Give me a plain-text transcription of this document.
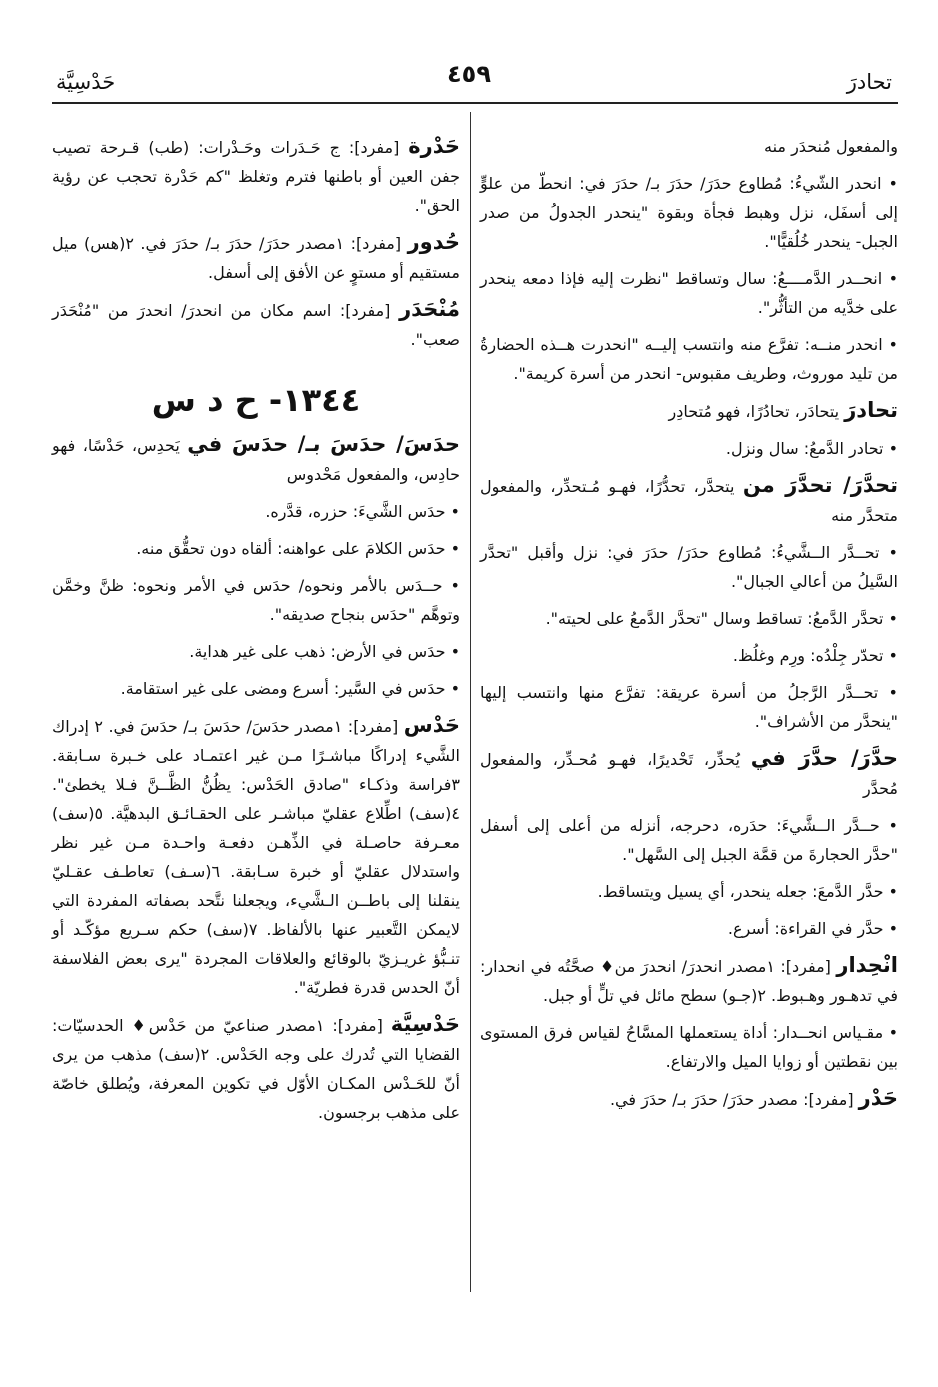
تحادرَ
٤٥٩
حَدْسِيَّة

والمفعول مُنحدَر منه

• انحدر الشّيءُ: مُطاوع حدَرَ/ حدَرَ بـ/ حدَرَ في: انحطّ من علوٍّ إلى أسفَل، نزل وهبط فجأة وبقوة "ينحدر الجدولُ من صدر الجبل- ينحدر خُلُقيًّا".

• انحــدر الدَّمــــعُ: سال وتساقط "نظرت إليه فإذا دمعه ينحدر على خدَّيه من التأثُّر".

• انحدر منــه: تفرَّع منه وانتسب إليــه "انحدرت هــذه الحضارةُ من تليد موروث، وطريف مقبوس- انحدر من أسرة كريمة".

تحادرَ يتحادَر، تحادُرًا، فهو مُتحادِر

• تحادر الدَّمعُ: سال ونزل.

تحدَّرَ/ تحدَّرَ من يتحدَّر، تحدُّرًا، فهـو مُـتحدِّر، والمفعول متحدَّر منه

• تحــدَّر الــشَّيءُ: مُطاوع حدَرَ/ حدَرَ في: نزل وأقبل "تحدَّر السَّيلُ من أعالي الجبال".

• تحدَّر الدَّمعُ: تساقط وسال "تحدَّر الدَّمعُ على لحيته".

• تحدّر جِلْدُه: ورِم وغلُظ.

• تحــدَّر الرَّجلُ من أسرة عريقة: تفرَّع منها وانتسب إليها "ينحدَّر من الأشراف".

حدَّرَ/ حدَّرَ في يُحدِّر، تَحْديرًا، فهـو مُحـدِّر، والمفعول مُحدَّر

• حــدَّر الــشَّيءَ: حدَره، دحرجه، أنزله من أعلى إلى أسفل "حدَّر الحجارةَ من قمَّة الجبل إلى السَّهل".

• حدَّر الدَّمعَ: جعله ينحدر، أي يسيل ويتساقط.

• حدَّر في القراءة: أسرع.

انْحِدار [مفرد]: ١مصدر انحدرَ/ انحدرَ من♦ صحَّتُه في انحدار: في تدهـور وهـبوط. ٢(جـو) سطح مائل في تلٍّ أو جبل.

• مقـياس انحــدار: أداة يستعملها المسَّاحُ لقياس فرق المستوى بين نقطتين أو زوايا الميل والارتفاع.

حَدْر [مفرد]: مصدر حدَرَ/ حدَرَ بـ/ حدَرَ في.

حَدْرة [مفرد]: ج حَـدَرات وحَـدْرات: (طب) قـرحة تصيب جفن العين أو باطنها فترم وتغلظ "كم حَدْرة تحجب عن رؤية الحق".

حُدور [مفرد]: ١مصدر حدَرَ/ حدَرَ بـ/ حدَرَ في. ٢(هس) ميل مستقيم أو مستوٍ عن الأفق إلى أسفل.

مُنْحَدَر [مفرد]: اسم مكان من انحدرَ/ انحدرَ من "مُنْحَدَر صعب".

١٣٤٤- ح د س

حدَسَ/ حدَسَ بـ/ حدَسَ في يَحدِس، حَدْسًا، فهو حادِس، والمفعول مَحْدوس

• حدَس الشَّيءَ: حزره، قدَّره.

• حدَس الكلامَ على عواهنه: ألقاه دون تحقُّق منه.

• حــدَس بالأمر ونحوه/ حدَس في الأمر ونحوه: ظنَّ وخمَّن وتوهَّم "حدَس بنجاح صديقه".

• حدَس في الأرض: ذهب على غير هداية.

• حدَس في السَّير: أسرع ومضى على غير استقامة.

حَدْس [مفرد]: ١مصدر حدَسَ/ حدَسَ بـ/ حدَسَ في. ٢ إدراك الشَّيء إدراكًا مباشـرًا مـن غير اعتمـاد على خـبرة سـابقة. ٣فراسة وذكـاء "صادق الحَدْس: يظُنُّ الظَّــنَّ فـلا يخطئ". ٤(سف) اطِّلاع عقليّ مباشـر على الحقـائـق البدهيَّة. ٥(سف) معـرفة حاصـلة في الذِّهـن دفعـة واحـدة مـن غير نظر واستدلال عقليّ أو خبرة سـابقة. ٦(سـف) تعاطـف عقـليّ ينقلنا إلى باطــن الـشَّيء، ويجعلنا نتَّحد بصفاته المفردة التي لايمكن التَّعبير عنها بالألفاظ. ٧(سف) حكم سـريع مؤكّـد أو تنـبُّؤ غريـزيّ بالوقائع والعلاقات المجردة "يرى بعض الفلاسفة أنّ الحدس قدرة فطريّة".

حَدْسِيَّة [مفرد]: ١مصدر صناعيّ من حَدْس♦ الحدسيّات: القضايا التي تُدرك على وجه الحَدْس. ٢(سف) مذهب من يرى أنّ للحَـدْس المكـان الأوّل في تكوين المعرفة، ويُطلق خاصّة على مذهب برجسون.
